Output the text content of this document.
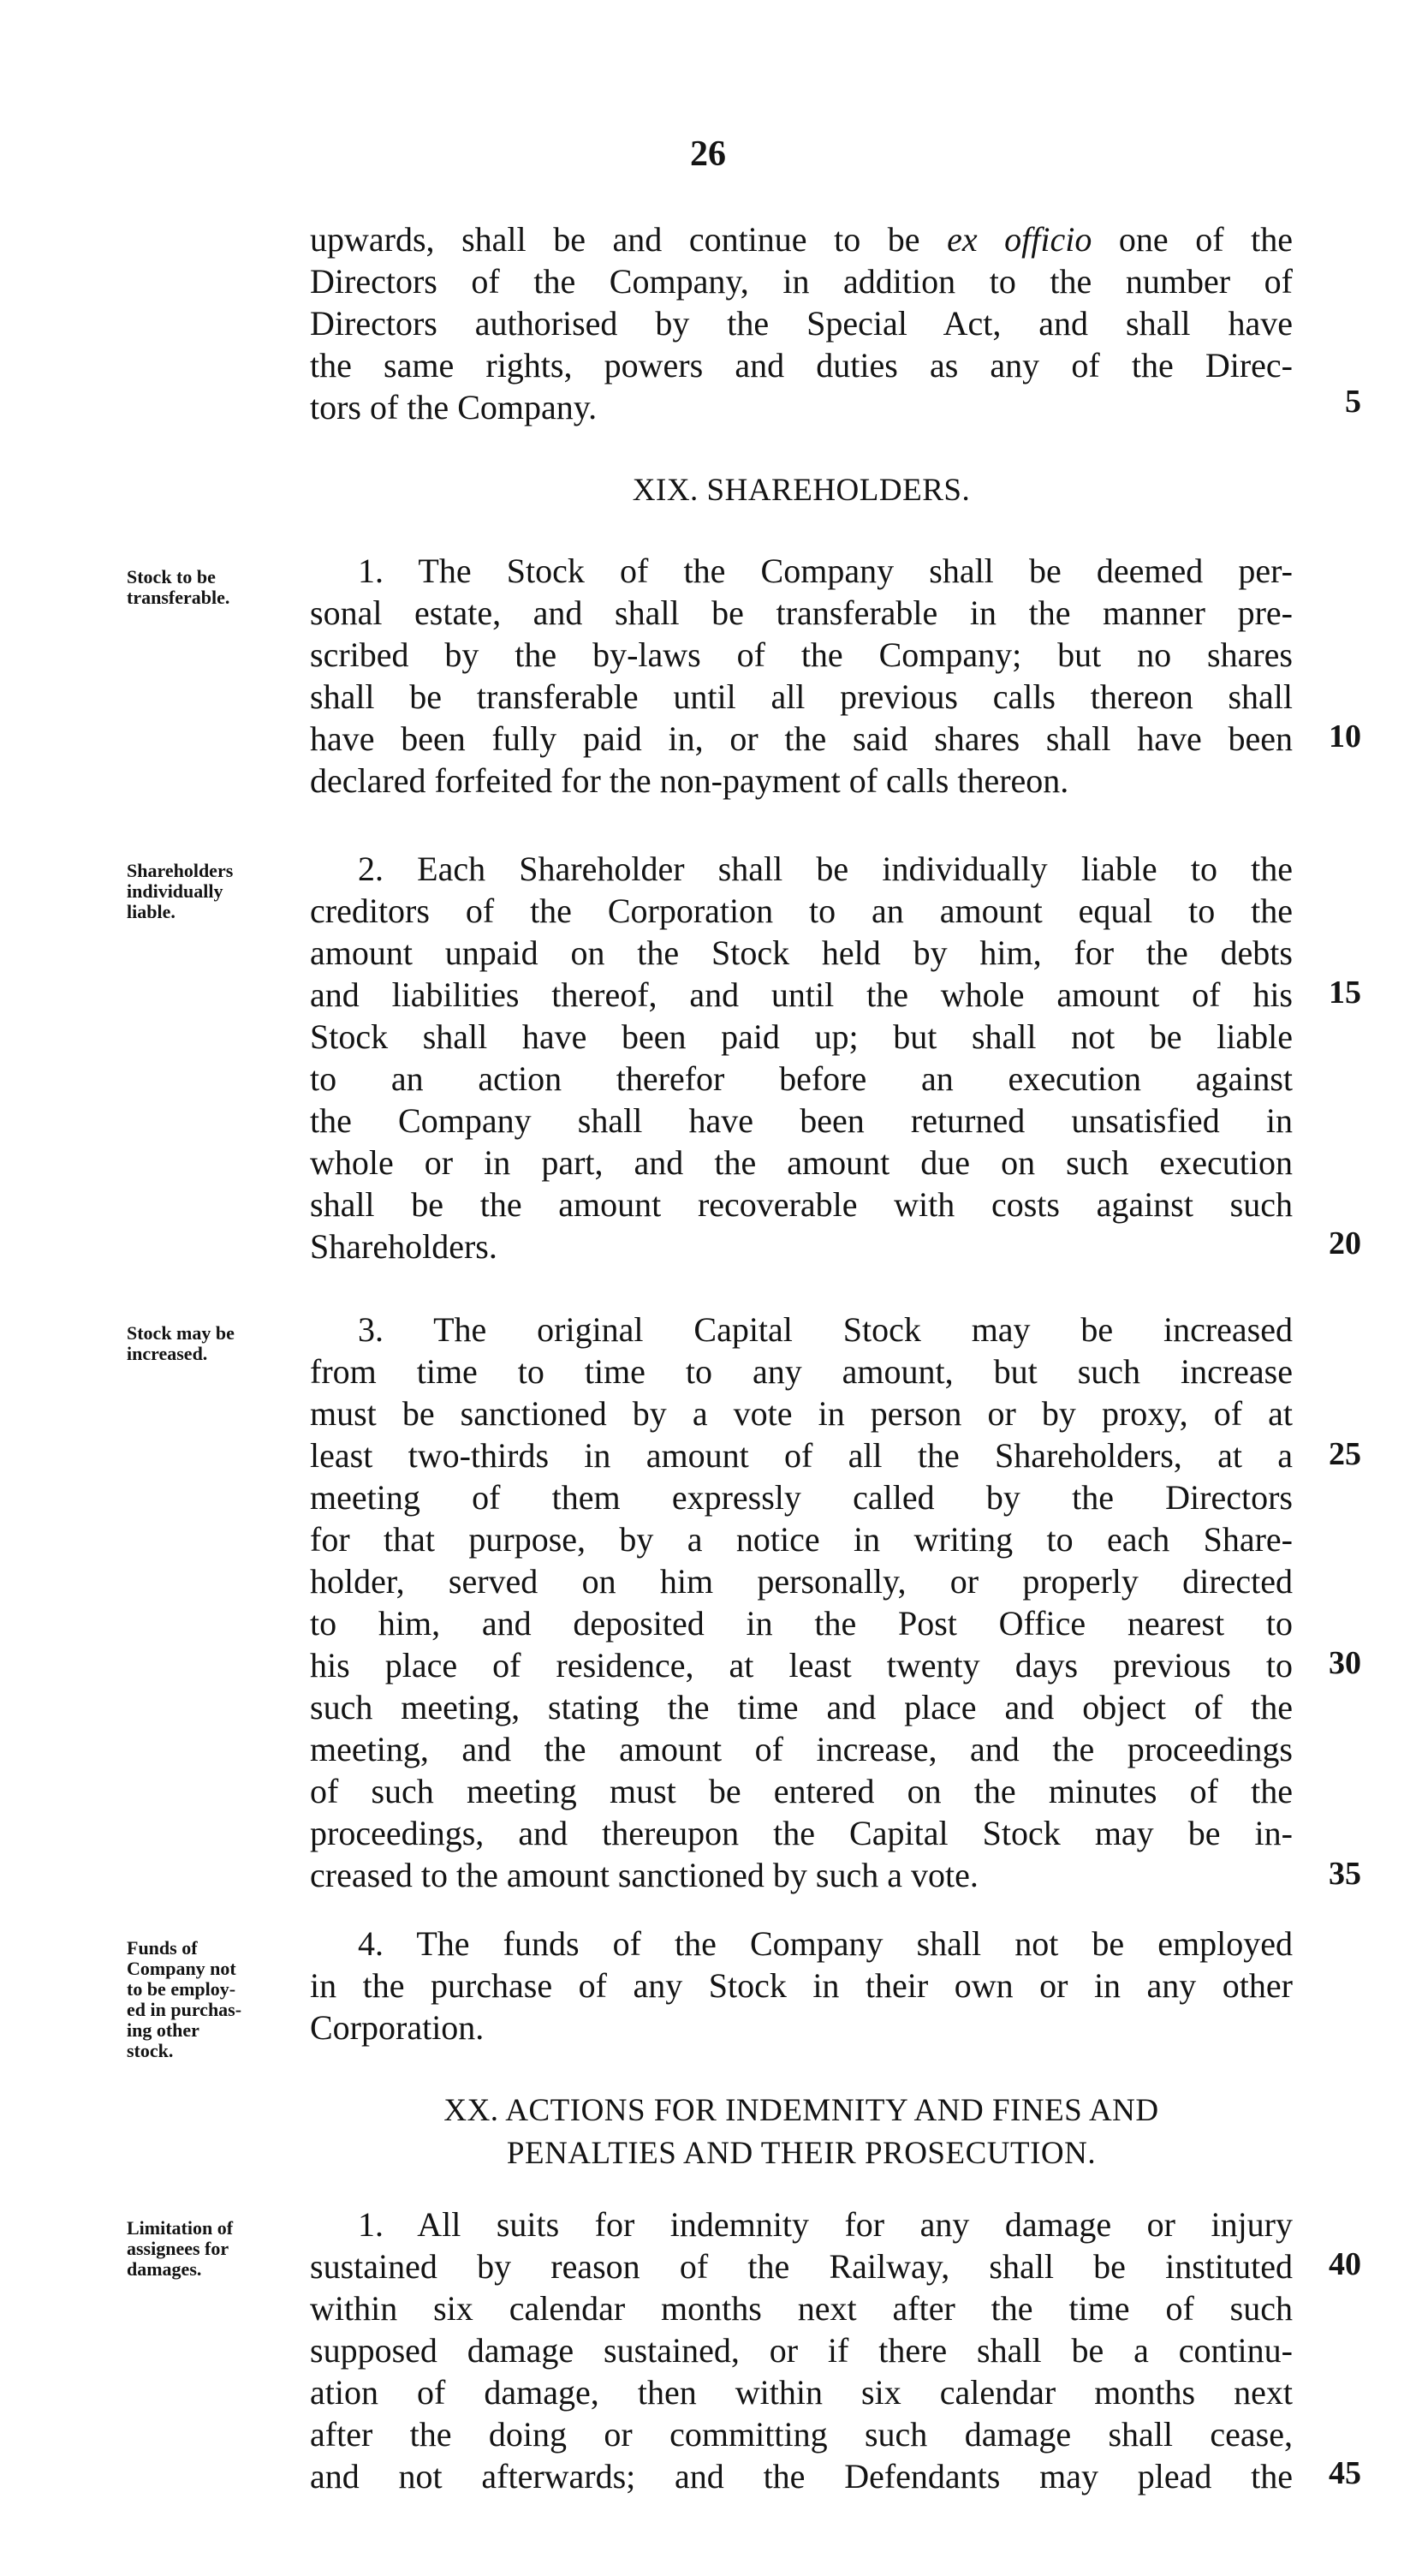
26
upwards, shall be and continue to be ex officio one of the
Directors of the Company, in addition to the number of
Directors authorised by the Special Act, and shall have
the same rights, powers and duties as any of the Direc-
tors of the Company.
XIX. SHAREHOLDERS.
1. The Stock of the Company shall be deemed per-
sonal estate, and shall be transferable in the manner pre-
scribed by the by-laws of the Company; but no shares
shall be transferable until all previous calls thereon shall
have been fully paid in, or the said shares shall have been
declared forfeited for the non-payment of calls thereon.
2. Each Shareholder shall be individually liable to the
creditors of the Corporation to an amount equal to the
amount unpaid on the Stock held by him, for the debts
and liabilities thereof, and until the whole amount of his
Stock shall have been paid up; but shall not be liable
to an action therefor before an execution against
the Company shall have been returned unsatisfied in
whole or in part, and the amount due on such execution
shall be the amount recoverable with costs against such
Shareholders.
3. The original Capital Stock may be increased
from time to time to any amount, but such increase
must be sanctioned by a vote in person or by proxy, of at
least two-thirds in amount of all the Shareholders, at a
meeting of them expressly called by the Directors
for that purpose, by a notice in writing to each Share-
holder, served on him personally, or properly directed
to him, and deposited in the Post Office nearest to
his place of residence, at least twenty days previous to
such meeting, stating the time and place and object of the
meeting, and the amount of increase, and the proceedings
of such meeting must be entered on the minutes of the
proceedings, and thereupon the Capital Stock may be in-
creased to the amount sanctioned by such a vote.
4. The funds of the Company shall not be employed
in the purchase of any Stock in their own or in any other
Corporation.
XX. ACTIONS FOR INDEMNITY AND FINES AND
PENALTIES AND THEIR PROSECUTION.
1. All suits for indemnity for any damage or injury
sustained by reason of the Railway, shall be instituted
within six calendar months next after the time of such
supposed damage sustained, or if there shall be a continu-
ation of damage, then within six calendar months next
after the doing or committing such damage shall cease,
and not afterwards; and the Defendants may plead the
5
10
15
20
25
30
35
40
45
Stock to be
transferable.
Shareholders
individually
liable.
Stock may be
increased.
Funds of
Company not
to be employ-
ed in purchas-
ing other
stock.
Limitation of
assignees for
damages.
